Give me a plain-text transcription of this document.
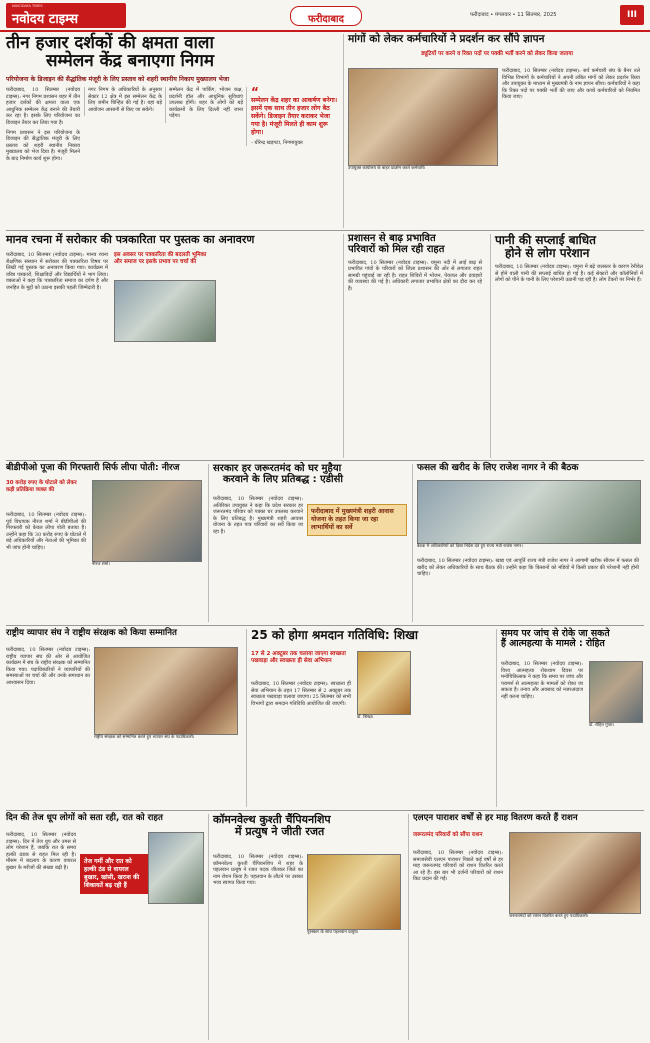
NAVODAYA TIMES
नवोदय टाइम्स	फरीदाबाद	फरीदाबाद • मंगलवार • 11 सितम्बर, 2025	III
तीन हजार दर्शकों की क्षमता वाला
सम्मेलन केंद्र बनाएगा निगम
परियोजना के डिजाइन की सैद्धांतिक मंजूरी के लिए प्रस्ताव को शहरी स्थानीय निकाय मुख्यालय भेजा

फरीदाबाद, 10 सितम्बर (नवोदय टाइम्स): नगर निगम प्रशासन शहर में तीन हजार दर्शकों की क्षमता वाला एक आधुनिक सम्मेलन केंद्र बनाने की तैयारी कर रहा है। इसके लिए परियोजना का डिजाइन तैयार कर लिया गया है।

निगम प्रशासन ने इस परियोजना के डिजाइन की सैद्धांतिक मंजूरी के लिए प्रस्ताव को शहरी स्थानीय निकाय मुख्यालय को भेज दिया है। मंजूरी मिलने के बाद निर्माण कार्य शुरू होगा।

नगर निगम के अधिकारियों के अनुसार सेक्टर 12 क्षेत्र में इस सम्मेलन केंद्र के लिए जमीन चिन्हित की गई है। यहां बड़े आयोजन आसानी से किए जा सकेंगे।

सम्मेलन केंद्र में पार्किंग, भोजन कक्ष, प्रदर्शनी हॉल और आधुनिक सुविधाएं उपलब्ध होंगी। शहर के लोगों को बड़े कार्यक्रमों के लिए दिल्ली नहीं जाना पड़ेगा।

“
सम्मेलन केंद्र शहर का आकर्षण बनेगा। इसमें एक साथ तीन हजार लोग बैठ सकेंगे। डिजाइन तैयार कराकर भेजा गया है। मंजूरी मिलते ही काम शुरू होगा।
- धीरेन्द्र खड़गटा, निगमायुक्त
मांगों को लेकर कर्मचारियों ने प्रदर्शन कर सौंपे ज्ञापन
ड्यूटियों पर करने व रिक्त पदों पर पक्की भर्ती करने को लेकर किया जताया
उपायुक्त कार्यालय के बाहर प्रदर्शन करते कर्मचारी।
फरीदाबाद, 10 सितम्बर (नवोदय टाइम्स): सर्व कर्मचारी संघ के बैनर तले विभिन्न विभागों के कर्मचारियों ने अपनी लंबित मांगों को लेकर प्रदर्शन किया और उपायुक्त के माध्यम से मुख्यमंत्री के नाम ज्ञापन सौंपा। कर्मचारियों ने कहा कि रिक्त पदों पर पक्की भर्ती की जाए और कच्चे कर्मचारियों को नियमित किया जाए।
मानव रचना में सरोकार की पत्रकारिता पर पुस्तक का अनावरण
फरीदाबाद, 10 सितम्बर (नवोदय टाइम्स): मानव रचना शैक्षणिक संस्थान में सरोकार की पत्रकारिता विषय पर लिखी गई पुस्तक का अनावरण किया गया। कार्यक्रम में वरिष्ठ पत्रकारों, शिक्षाविदों और विद्यार्थियों ने भाग लिया। वक्ताओं ने कहा कि पत्रकारिता समाज का दर्पण है और जनहित के मुद्दों को उठाना इसकी पहली जिम्मेदारी है।
इस अवसर पर पत्रकारिता की बदलती भूमिका और समाज पर इसके प्रभाव पर चर्चा की
प्रशासन से बाढ़ प्रभावित
परिवारों को मिल रही राहत
फरीदाबाद, 10 सितम्बर (नवोदय टाइम्स): यमुना नदी में आई बाढ़ से प्रभावित गांवों के परिवारों को जिला प्रशासन की ओर से लगातार राहत सामग्री पहुंचाई जा रही है। राहत शिविरों में भोजन, पेयजल और दवाइयों की व्यवस्था की गई है। अधिकारी लगातार प्रभावित क्षेत्रों का दौरा कर रहे हैं।
पानी की सप्लाई बाधित
होने से लोग परेशान
फरीदाबाद, 10 सितम्बर (नवोदय टाइम्स): यमुना में बढ़े जलस्तर के कारण रेनीवेल से होने वाली पानी की सप्लाई बाधित हो गई है। कई सेक्टरों और कॉलोनियों में लोगों को पीने के पानी के लिए परेशानी उठानी पड़ रही है। लोग टैंकरों पर निर्भर हैं।
बीडीपीओ पूजा की गिरफ्तारी सिर्फ लीपा पोती: नीरज
30 करोड़ रुपए के घोटाले को लेकर कड़ी प्रतिक्रिया व्यक्त की
फरीदाबाद, 10 सितम्बर (नवोदय टाइम्स): पूर्व विधायक नीरज शर्मा ने बीडीपीओ की गिरफ्तारी को केवल लीपा पोती बताया है। उन्होंने कहा कि 30 करोड़ रुपए के घोटाले में बड़े अधिकारियों और नेताओं की भूमिका की भी जांच होनी चाहिए।
नीरज शर्मा।
सरकार हर जरूरतमंद को घर मुहैया
करवाने के लिए प्रतिबद्ध : एडीसी
फरीदाबाद, 10 सितम्बर (नवोदय टाइम्स): अतिरिक्त उपायुक्त ने कहा कि प्रदेश सरकार हर जरूरतमंद परिवार को पक्का घर उपलब्ध करवाने के लिए प्रतिबद्ध है। मुख्यमंत्री शहरी आवास योजना के तहत पात्र परिवारों का सर्वे किया जा रहा है।
फरीदाबाद में मुख्यमंत्री शहरी आवास योजना के तहत किया जा रहा लाभार्थियों का सर्वे
फसल की खरीद के लिए राजेश नागर ने की बैठक
बैठक में अधिकारियों को दिशा निर्देश देते हुए राज्य मंत्री राजेश नागर।
फरीदाबाद, 10 सितम्बर (नवोदय टाइम्स): खाद्य एवं आपूर्ति राज्य मंत्री राजेश नागर ने आगामी खरीफ सीजन में फसल की खरीद को लेकर अधिकारियों के साथ बैठक की। उन्होंने कहा कि किसानों को मंडियों में किसी प्रकार की परेशानी नहीं होनी चाहिए।
राष्ट्रीय व्यापार संघ ने राष्ट्रीय संरक्षक को किया सम्मानित
फरीदाबाद, 10 सितम्बर (नवोदय टाइम्स): राष्ट्रीय व्यापार संघ की ओर से आयोजित कार्यक्रम में संघ के राष्ट्रीय संरक्षक को सम्मानित किया गया। पदाधिकारियों ने व्यापारियों की समस्याओं पर चर्चा की और उनके समाधान का आश्वासन दिया।
राष्ट्रीय संरक्षक को सम्मानित करते हुए व्यापार संघ के पदाधिकारी।
25 को होगा श्रमदान गतिविधि: शिखा
17 से 2 अक्टूबर तक चलाया जाएगा स्वच्छता पखवाड़ा और स्वच्छता ही सेवा अभियान
फरीदाबाद, 10 सितम्बर (नवोदय टाइम्स): स्वच्छता ही सेवा अभियान के तहत 17 सितम्बर से 2 अक्टूबर तक स्वच्छता पखवाड़ा चलाया जाएगा। 25 सितम्बर को सभी विभागों द्वारा श्रमदान गतिविधि आयोजित की जाएगी।
डॉ. शिखा।
समय पर जांच से रोके जा सकते
हैं आत्महत्या के मामले : रोहित
फरीदाबाद, 10 सितम्बर (नवोदय टाइम्स): विश्व आत्महत्या रोकथाम दिवस पर मनोचिकित्सक ने कहा कि समय पर जांच और परामर्श से आत्महत्या के मामलों को रोका जा सकता है। तनाव और अवसाद को नजरअंदाज नहीं करना चाहिए।
डॉ. रोहित गुप्ता।
दिन की तेज धूप लोगों को सता रही, रात को राहत
फरीदाबाद, 10 सितम्बर (नवोदय टाइम्स): दिन में तेज धूप और उमस से लोग परेशान हैं, जबकि रात के समय हल्की ठंडक से राहत मिल रही है। मौसम में बदलाव के कारण वायरल बुखार के मरीजों की संख्या बढ़ी है।
तेज गर्मी और रात को हल्की ठंड से वायरल बुखार, खांसी, खराश की शिकायतें बढ़ रही हैं
कॉमनवेल्थ कुश्ती चैंपियनशिप
में प्रत्युष ने जीती रजत
फरीदाबाद, 10 सितम्बर (नवोदय टाइम्स): कॉमनवेल्थ कुश्ती चैंपियनशिप में शहर के पहलवान प्रत्युष ने रजत पदक जीतकर जिले का नाम रोशन किया है। पहलवान के लौटने पर उसका भव्य स्वागत किया गया।
पुरस्कार के साथ पहलवान प्रत्युष।
एलएन पाराशर वर्षों से हर माह वितरण करते हैं राशन
जरूरतमंद परिवारों को सौंपा राशन
फरीदाबाद, 10 सितम्बर (नवोदय टाइम्स): समाजसेवी एलएन पाराशर पिछले कई वर्षों से हर माह जरूरतमंद परिवारों को राशन वितरित करते आ रहे हैं। इस बार भी दर्जनों परिवारों को राशन किट प्रदान की गईं।
जरूरतमंदों को राशन वितरित करते हुए पदाधिकारी।
